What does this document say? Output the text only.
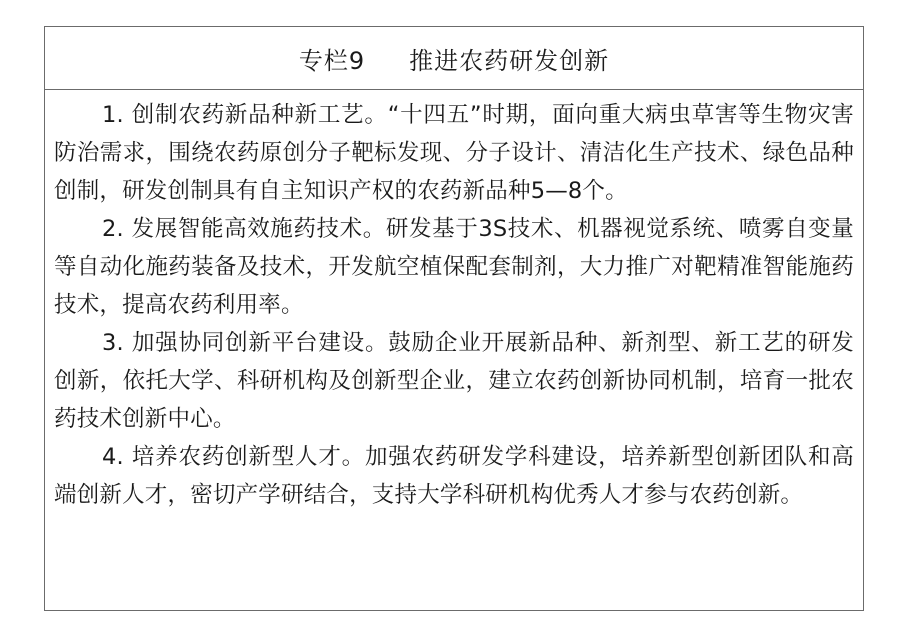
专栏9 推进农药研发创新

1. 创制农药新品种新工艺。“十四五”时期，面向重大病虫草害等生物灾害防治需求，围绕农药原创分子靶标发现、分子设计、清洁化生产技术、绿色品种创制，研发创制具有自主知识产权的农药新品种5—8个。

2. 发展智能高效施药技术。研发基于3S技术、机器视觉系统、喷雾自变量等自动化施药装备及技术，开发航空植保配套制剂，大力推广对靶精准智能施药技术，提高农药利用率。

3. 加强协同创新平台建设。鼓励企业开展新品种、新剂型、新工艺的研发创新，依托大学、科研机构及创新型企业，建立农药创新协同机制，培育一批农药技术创新中心。

4. 培养农药创新型人才。加强农药研发学科建设，培养新型创新团队和高端创新人才，密切产学研结合，支持大学科研机构优秀人才参与农药创新。
